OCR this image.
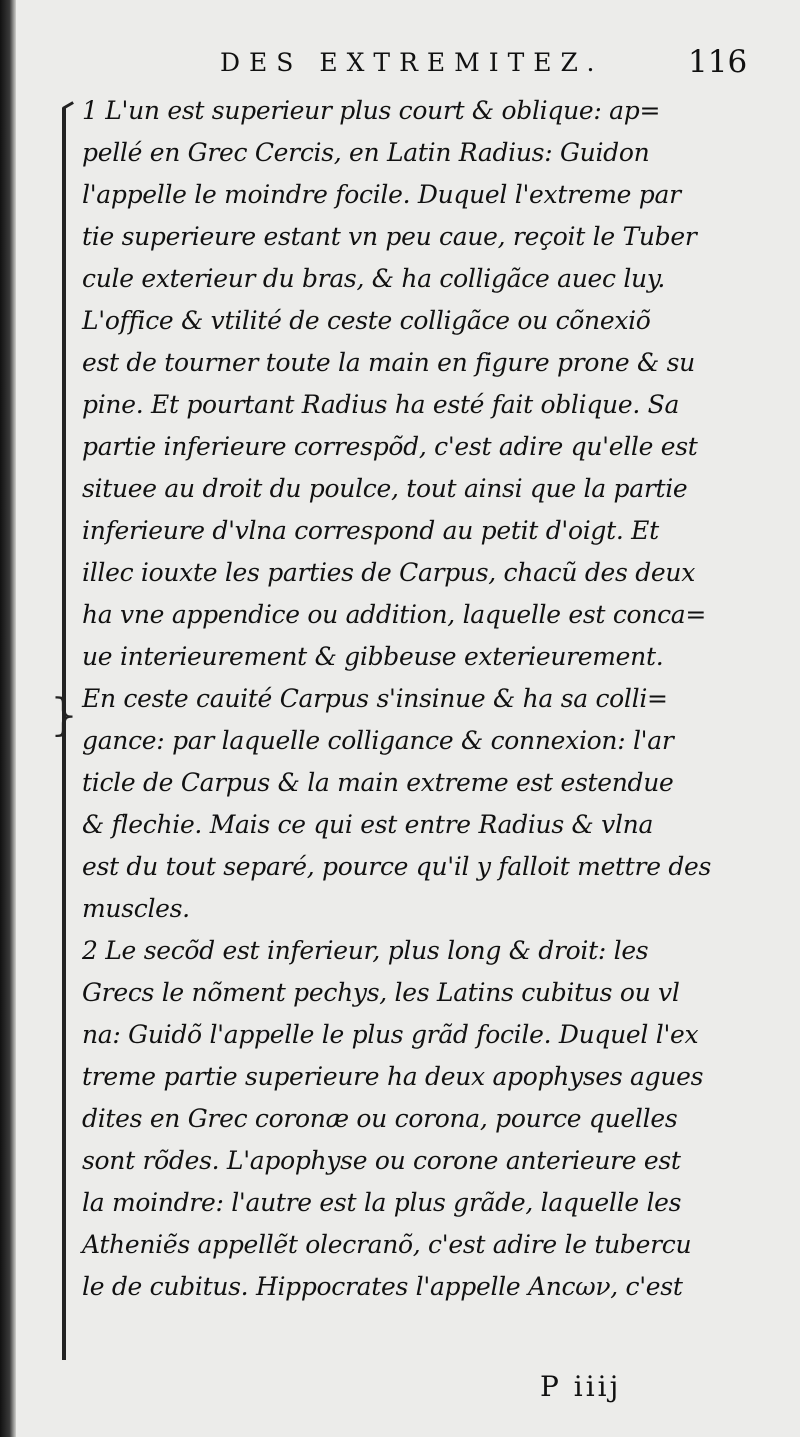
DES EXTREMITEZ.	116
}
1 L'un est superieur plus court & oblique: ap=
pellé en Grec Cercis, en Latin Radius: Guidon
l'appelle le moindre focile. Duquel l'extreme par
tie superieure estant vn peu caue, reçoit le Tuber
cule exterieur du bras, & ha colligãce auec luy.
L'office & vtilité de ceste colligãce ou cõnexiõ
est de tourner toute la main en figure prone & su
pine. Et pourtant Radius ha esté fait oblique. Sa
partie inferieure correspõd, c'est adire qu'elle est
situee au droit du poulce, tout ainsi que la partie
inferieure d'vlna correspond au petit d'oigt. Et
illec iouxte les parties de Carpus, chacũ des deux
ha vne appendice ou addition, laquelle est conca=
ue interieurement & gibbeuse exterieurement.
En ceste cauité Carpus s'insinue & ha sa colli=
gance: par laquelle colligance & connexion: l'ar
ticle de Carpus & la main extreme est estendue
& flechie. Mais ce qui est entre Radius & vlna
est du tout separé, pource qu'il y falloit mettre des
muscles.
2 Le secõd est inferieur, plus long & droit: les
Grecs le nõment pechys, les Latins cubitus ou vl
na: Guidõ l'appelle le plus grãd focile. Duquel l'ex
treme partie superieure ha deux apophyses agues
dites en Grec coronæ ou corona, pource quelles
sont rõdes. L'apophyse ou corone anterieure est
la moindre: l'autre est la plus grãde, laquelle les
Atheniẽs appellẽt olecranõ, c'est adire le tubercu
le de cubitus. Hippocrates l'appelle Ancων, c'est
P iiij
